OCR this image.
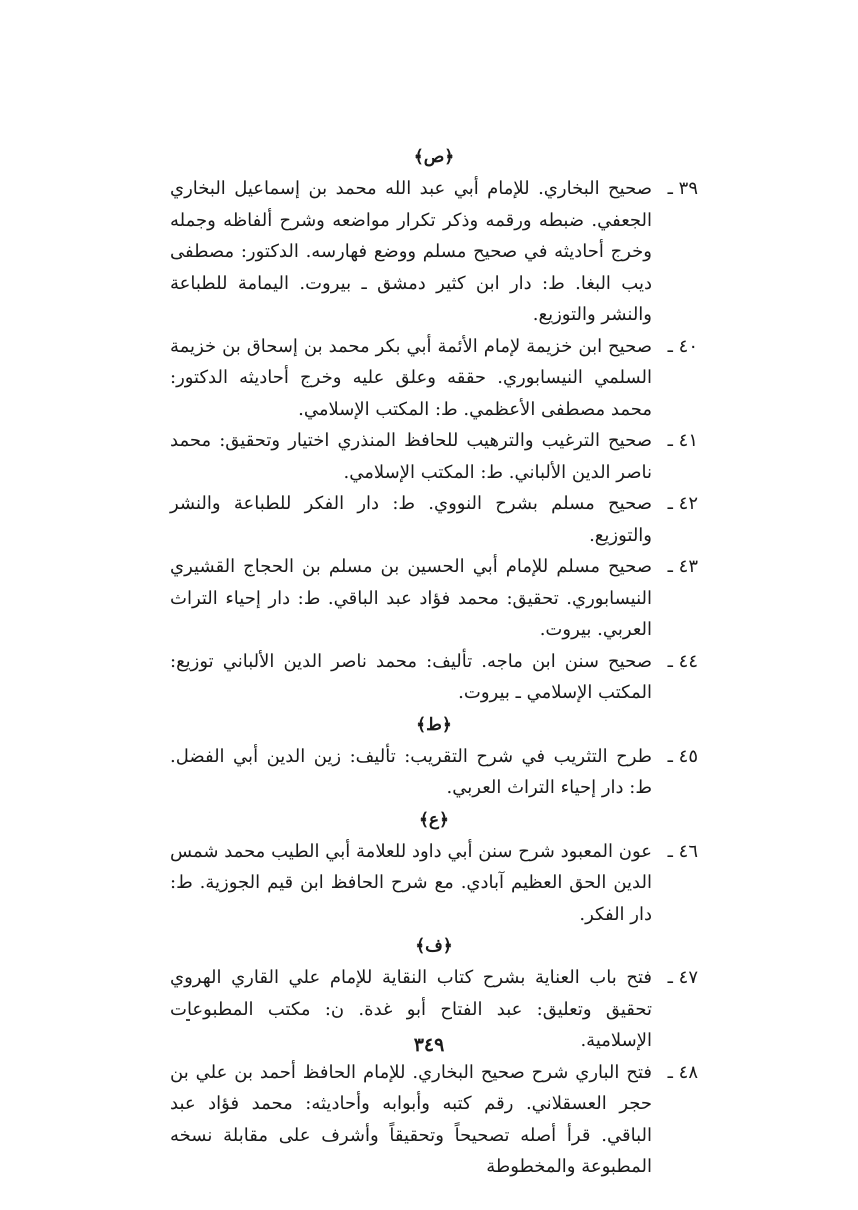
﴿ص﴾

٣٩ ـ
صحيح البخاري. للإمام أبي عبد الله محمد بن إسماعيل البخاري الجعفي. ضبطه ورقمه وذكر تكرار مواضعه وشرح ألفاظه وجمله وخرج أحاديثه في صحيح مسلم ووضع فهارسه. الدكتور: مصطفى ديب البغا. ط: دار ابن كثير دمشق ـ بيروت. اليمامة للطباعة والنشر والتوزيع.
٤٠ ـ
صحيح ابن خزيمة لإمام الأئمة أبي بكر محمد بن إسحاق بن خزيمة السلمي النيسابوري. حققه وعلق عليه وخرج أحاديثه الدكتور: محمد مصطفى الأعظمي. ط: المكتب الإسلامي.
٤١ ـ
صحيح الترغيب والترهيب للحافظ المنذري اختيار وتحقيق: محمد ناصر الدين الألباني. ط: المكتب الإسلامي.
٤٢ ـ
صحيح مسلم بشرح النووي. ط: دار الفكر للطباعة والنشر والتوزيع.
٤٣ ـ
صحيح مسلم للإمام أبي الحسين بن مسلم بن الحجاج القشيري النيسابوري. تحقيق: محمد فؤاد عبد الباقي. ط: دار إحياء التراث العربي. بيروت.
٤٤ ـ
صحيح سنن ابن ماجه. تأليف: محمد ناصر الدين الألباني توزيع: المكتب الإسلامي ـ بيروت.

﴿ط﴾

٤٥ ـ
طرح التثريب في شرح التقريب: تأليف: زين الدين أبي الفضل. ط: دار إحياء التراث العربي.

﴿ع﴾

٤٦ ـ
عون المعبود شرح سنن أبي داود للعلامة أبي الطيب محمد شمس الدين الحق العظيم آبادي. مع شرح الحافظ ابن قيم الجوزية. ط: دار الفكر.

﴿ف﴾

٤٧ ـ
فتح باب العناية بشرح كتاب النقاية للإمام علي القاري الهروي تحقيق وتعليق: عبد الفتاح أبو غدة. ن: مكتب المطبوعات الإسلامية.
٤٨ ـ
فتح الباري شرح صحيح البخاري. للإمام الحافظ أحمد بن علي بن حجر العسقلاني. رقم كتبه وأبوابه وأحاديثه: محمد فؤاد عبد الباقي. قرأ أصله تصحيحاً وتحقيقاً وأشرف على مقابلة نسخه المطبوعة والمخطوطة
٣٤٩
